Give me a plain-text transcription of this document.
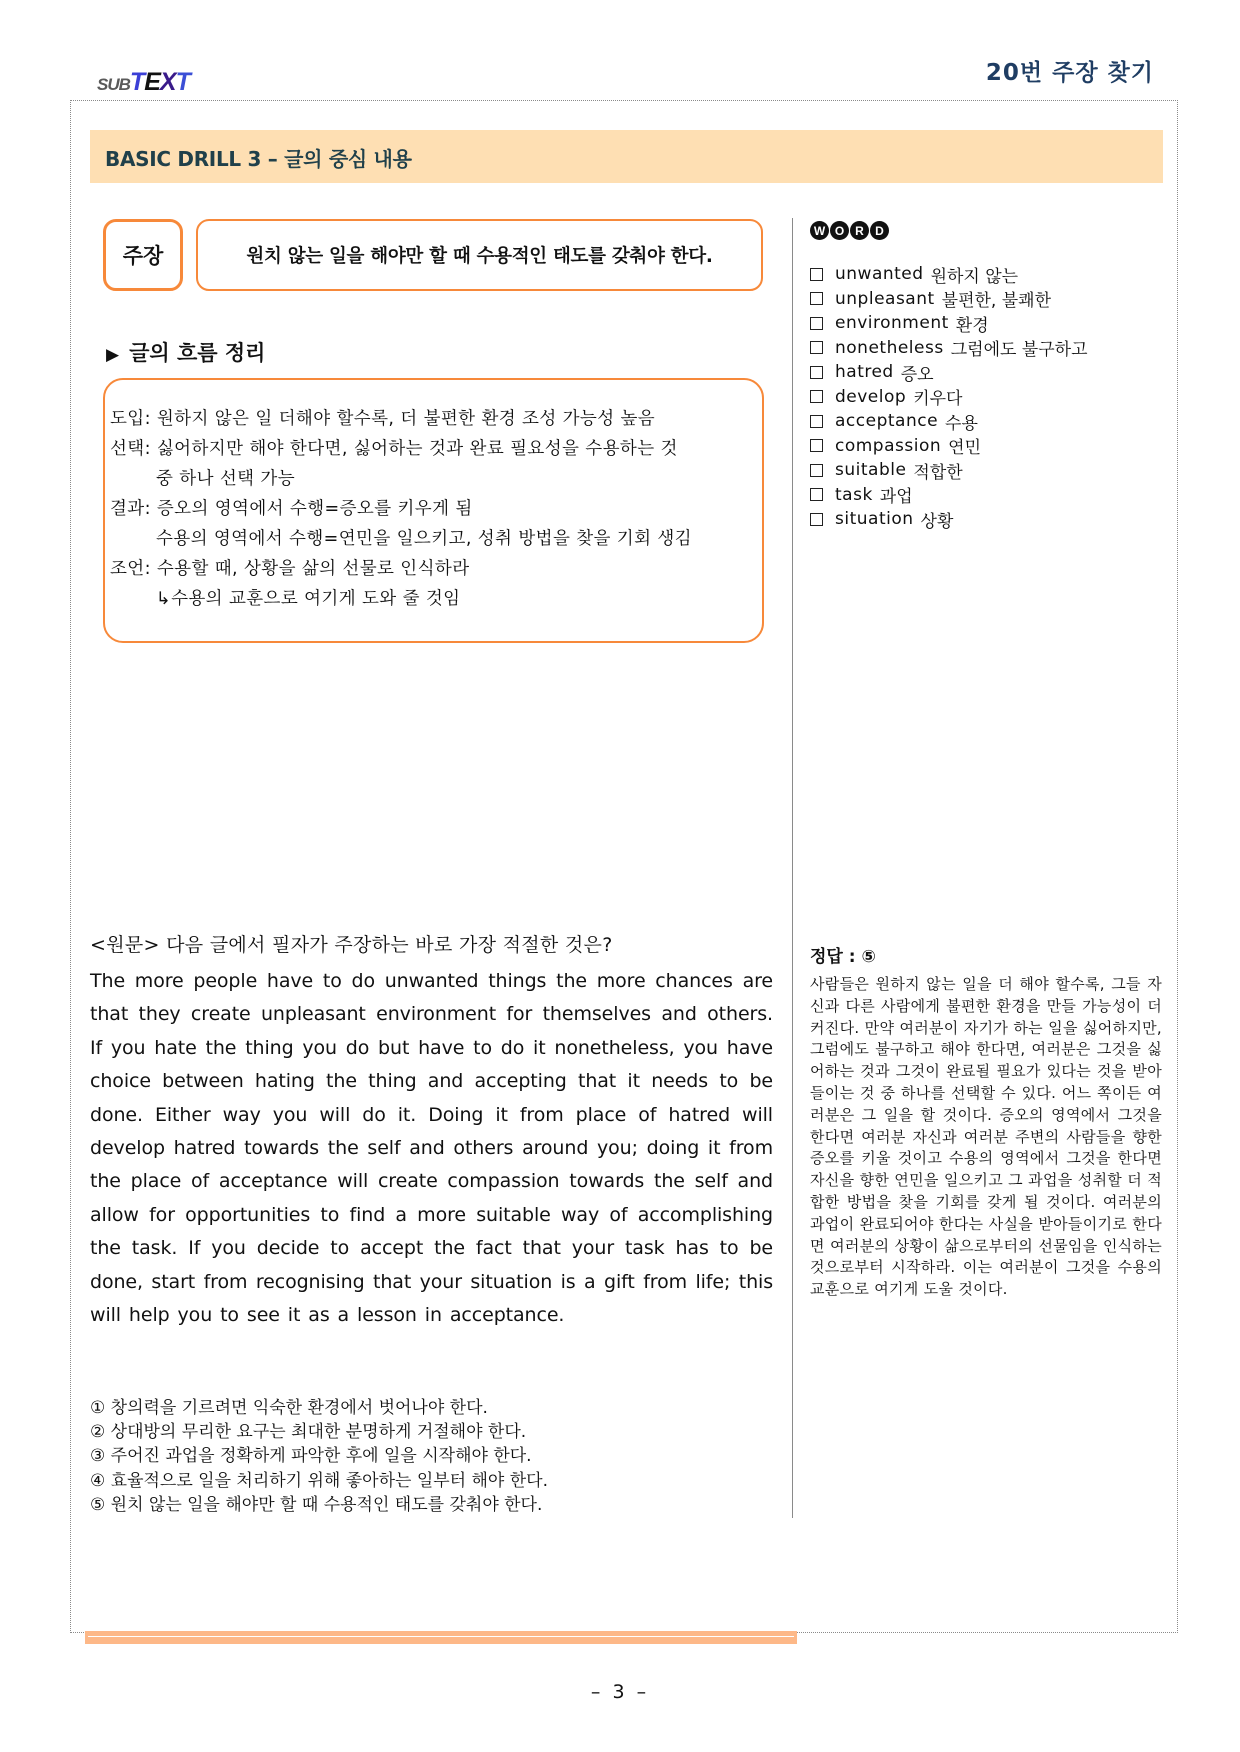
SUBTEXT	20번 주장 찾기
BASIC DRILL 3 – 글의 중심 내용
주장	원치 않는 일을 해야만 할 때 수용적인 태도를 갖춰야 한다.
▶ 글의 흐름 정리
도입: 원하지 않은 일 더해야 할수록, 더 불편한 환경 조성 가능성 높음
선택: 싫어하지만 해야 한다면, 싫어하는 것과 완료 필요성을 수용하는 것
중 하나 선택 가능
결과: 증오의 영역에서 수행=증오를 키우게 됨
수용의 영역에서 수행=연민을 일으키고, 성취 방법을 찾을 기회 생김
조언: 수용할 때, 상황을 삶의 선물로 인식하라
↳수용의 교훈으로 여기게 도와 줄 것임
W O R D
unwanted 원하지 않는
unpleasant 불편한, 불쾌한
environment 환경
nonetheless 그럼에도 불구하고
hatred 증오
develop 키우다
acceptance 수용
compassion 연민
suitable 적합한
task 과업
situation 상황
<원문> 다음 글에서 필자가 주장하는 바로 가장 적절한 것은?
The more people have to do unwanted things the more chances are that they create unpleasant environment for themselves and others. If you hate the thing you do but have to do it nonetheless, you have choice between hating the thing and accepting that it needs to be done. Either way you will do it. Doing it from place of hatred will develop hatred towards the self and others around you; doing it from the place of acceptance will create compassion towards the self and allow for opportunities to find a more suitable way of accomplishing the task. If you decide to accept the fact that your task has to be done, start from recognising that your situation is a gift from life; this will help you to see it as a lesson in acceptance.
① 창의력을 기르려면 익숙한 환경에서 벗어나야 한다.
② 상대방의 무리한 요구는 최대한 분명하게 거절해야 한다.
③ 주어진 과업을 정확하게 파악한 후에 일을 시작해야 한다.
④ 효율적으로 일을 처리하기 위해 좋아하는 일부터 해야 한다.
⑤ 원치 않는 일을 해야만 할 때 수용적인 태도를 갖춰야 한다.
정답 : ⑤
사람들은 원하지 않는 일을 더 해야 할수록, 그들 자신과 다른 사람에게 불편한 환경을 만들 가능성이 더 커진다. 만약 여러분이 자기가 하는 일을 싫어하지만, 그럼에도 불구하고 해야 한다면, 여러분은 그것을 싫어하는 것과 그것이 완료될 필요가 있다는 것을 받아들이는 것 중 하나를 선택할 수 있다. 어느 쪽이든 여러분은 그 일을 할 것이다. 증오의 영역에서 그것을 한다면 여러분 자신과 여러분 주변의 사람들을 향한 증오를 키울 것이고 수용의 영역에서 그것을 한다면 자신을 향한 연민을 일으키고 그 과업을 성취할 더 적합한 방법을 찾을 기회를 갖게 될 것이다. 여러분의 과업이 완료되어야 한다는 사실을 받아들이기로 한다면 여러분의 상황이 삶으로부터의 선물임을 인식하는 것으로부터 시작하라. 이는 여러분이 그것을 수용의 교훈으로 여기게 도울 것이다.
– 3 –
